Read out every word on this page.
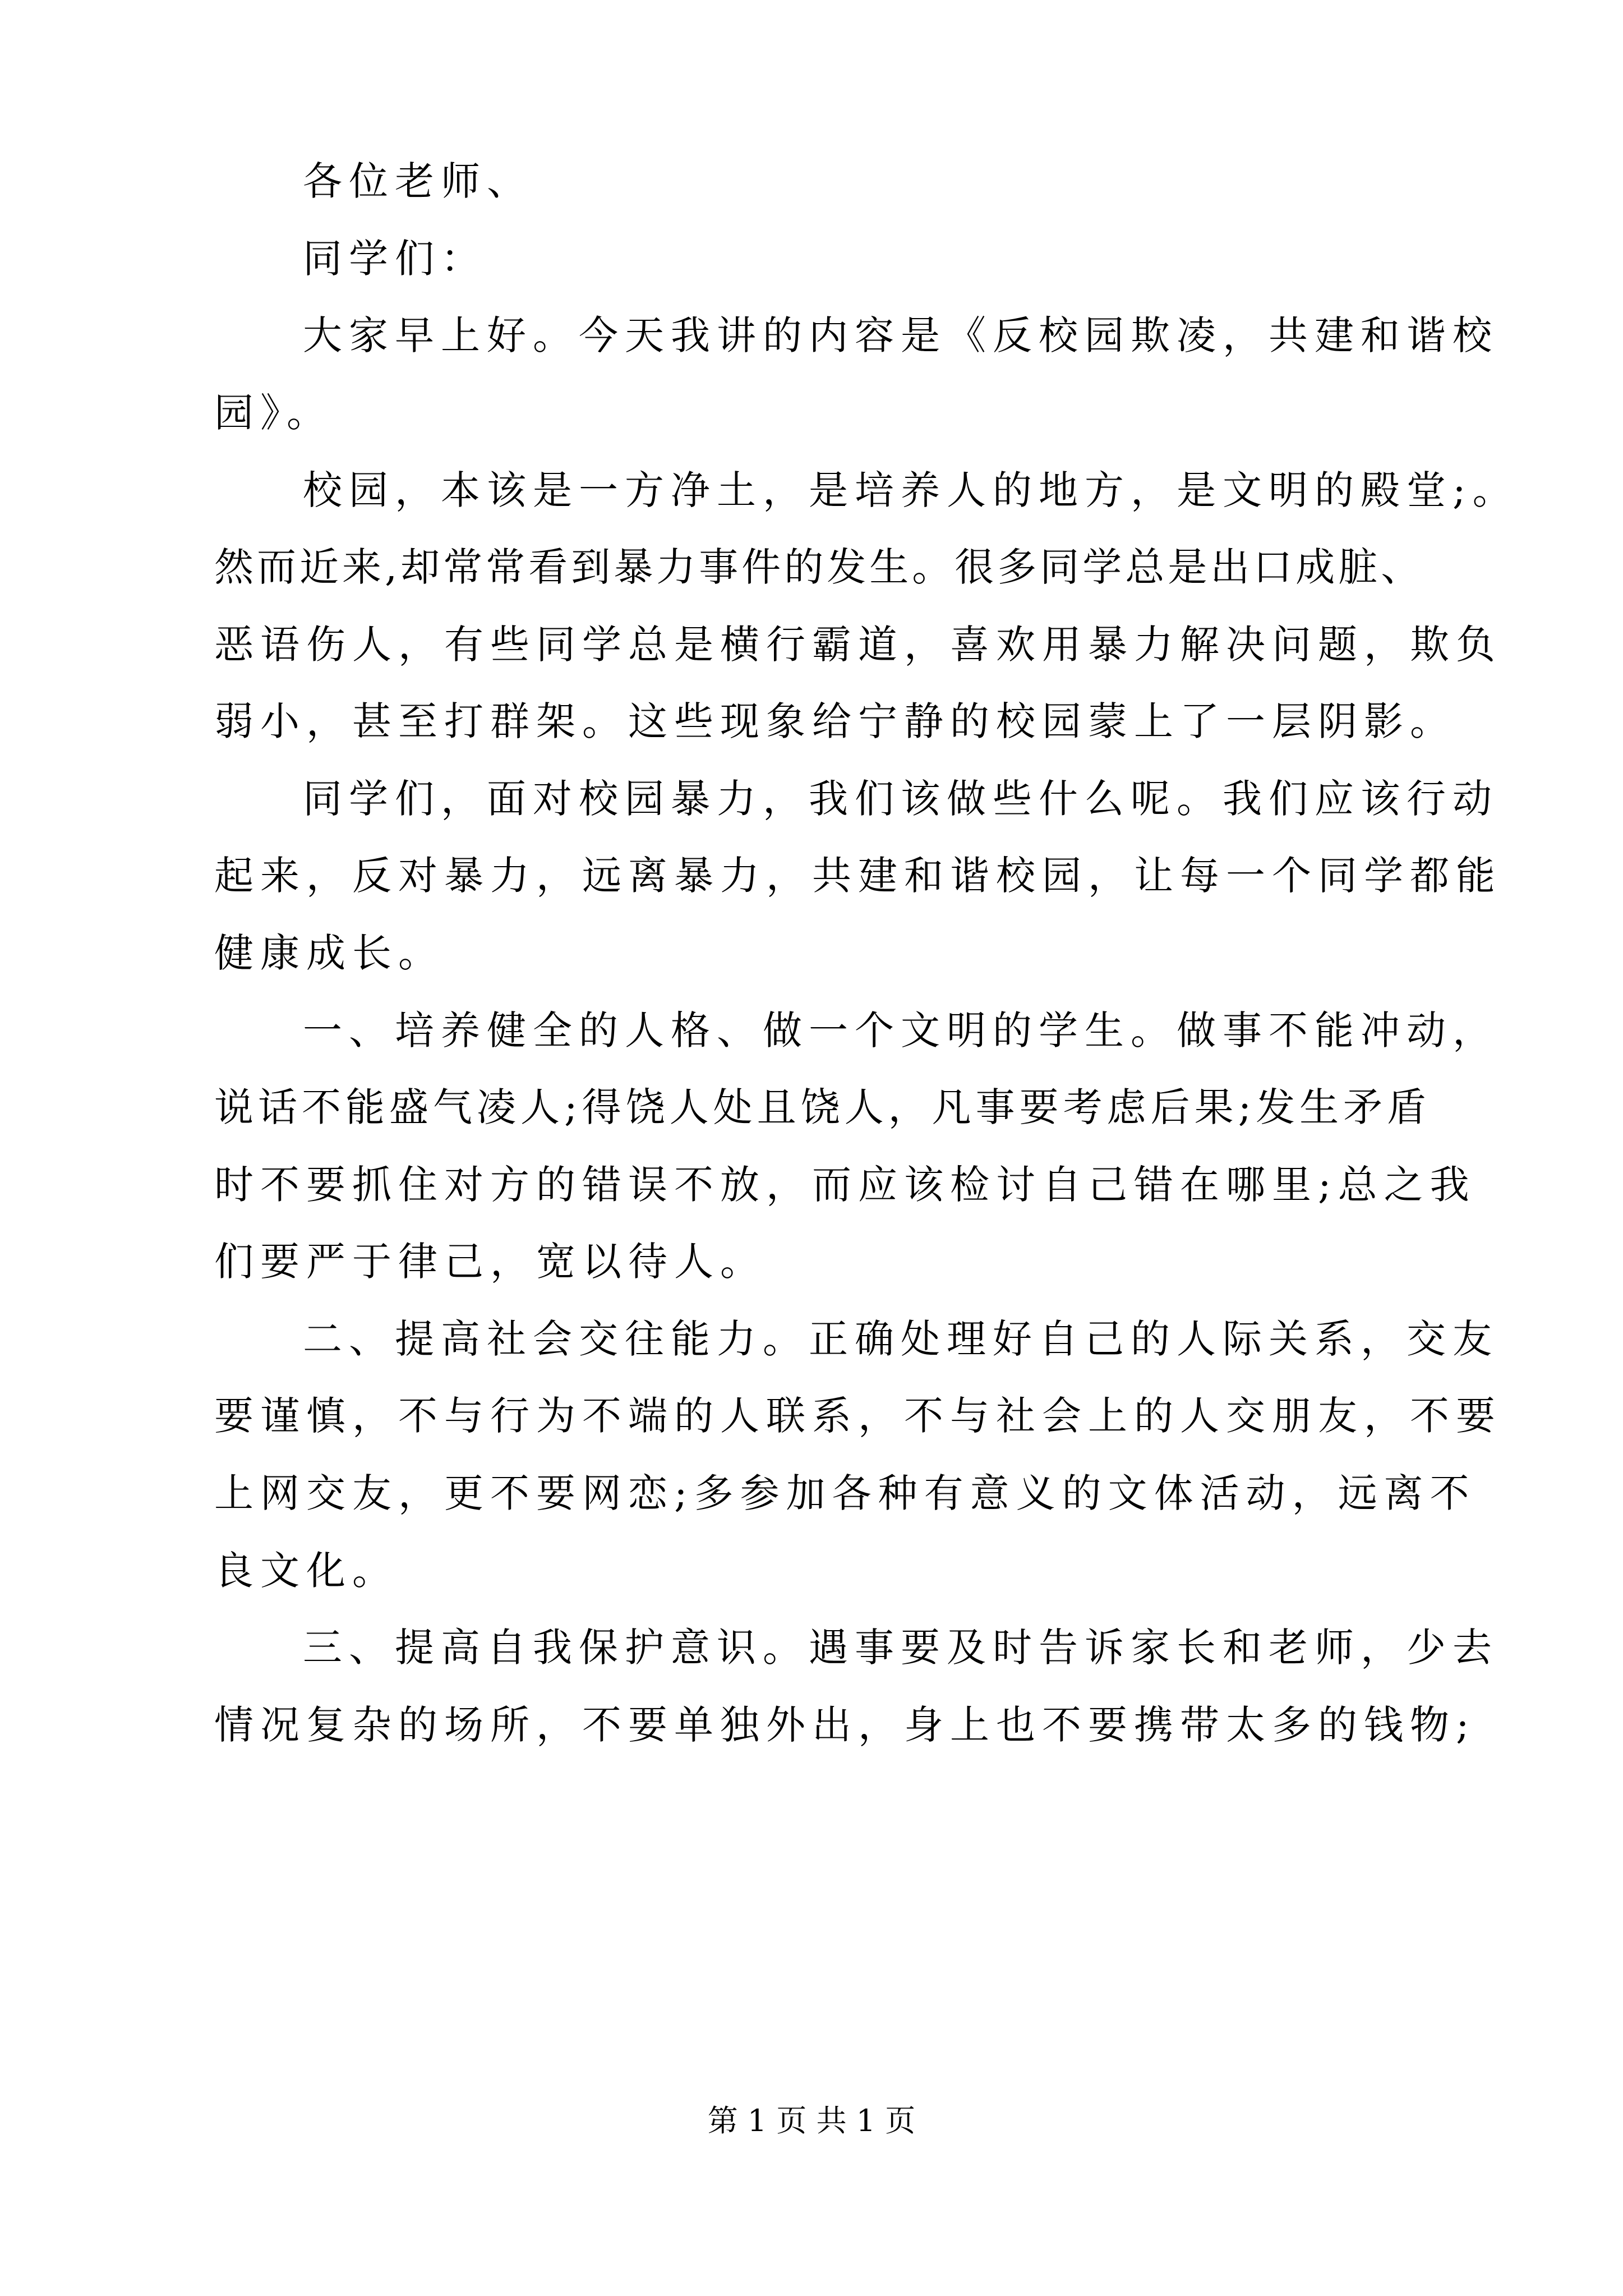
各位老师、

同学们：

大家早上好。今天我讲的内容是《反校园欺凌，共建和谐校

园》。

校园，本该是一方净土，是培养人的地方，是文明的殿堂;。

然而近来,却常常看到暴力事件的发生。很多同学总是出口成脏、

恶语伤人，有些同学总是横行霸道，喜欢用暴力解决问题，欺负

弱小，甚至打群架。这些现象给宁静的校园蒙上了一层阴影。

同学们，面对校园暴力，我们该做些什么呢。我们应该行动

起来，反对暴力，远离暴力，共建和谐校园，让每一个同学都能

健康成长。

一、培养健全的人格、做一个文明的学生。做事不能冲动，

说话不能盛气凌人;得饶人处且饶人，凡事要考虑后果;发生矛盾

时不要抓住对方的错误不放，而应该检讨自己错在哪里;总之我

们要严于律己，宽以待人。

二、提高社会交往能力。正确处理好自己的人际关系，交友

要谨慎，不与行为不端的人联系，不与社会上的人交朋友，不要

上网交友，更不要网恋;多参加各种有意义的文体活动，远离不

良文化。

三、提高自我保护意识。遇事要及时告诉家长和老师，少去

情况复杂的场所，不要单独外出，身上也不要携带太多的钱物;

第 1 页 共 1 页
